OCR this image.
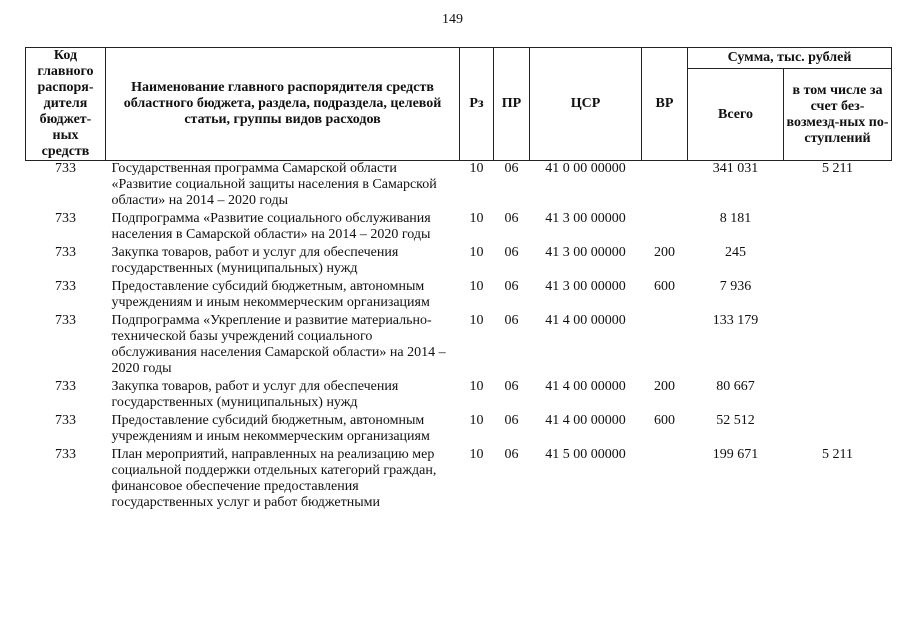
149
Код главного распоря-дителя бюджет-ных средств	Наименование главного распорядителя средств областного бюджета, раздела, подраздела, целевой статьи, группы видов расходов	Рз	ПР	ЦСР	ВР	Сумма, тыс. рублей	
						Всего	в том числе за счет без-возмезд-ных по-ступлений
733	Государственная программа Самарской области «Развитие социальной защиты населения в Самарской области» на 2014 – 2020 годы	10	06	41 0 00 00000		341 031	5 211
733	Подпрограмма «Развитие социального обслуживания населения в Самарской области» на 2014 – 2020 годы	10	06	41 3 00 00000		8 181	
733	Закупка товаров, работ и услуг для обеспечения государственных (муниципальных) нужд	10	06	41 3 00 00000	200	245	
733	Предоставление субсидий бюджетным, автономным учреждениям и иным некоммерческим организациям	10	06	41 3 00 00000	600	7 936	
733	Подпрограмма «Укрепление и развитие материально-технической базы учреждений социального обслуживания населения Самарской области» на 2014 – 2020 годы	10	06	41 4 00 00000		133 179	
733	Закупка товаров, работ и услуг для обеспечения государственных (муниципальных) нужд	10	06	41 4 00 00000	200	80 667	
733	Предоставление субсидий бюджетным, автономным учреждениям и иным некоммерческим организациям	10	06	41 4 00 00000	600	52 512	
733	План мероприятий, направленных на реализацию мер социальной поддержки отдельных категорий граждан, финансовое обеспечение предоставления государственных услуг и работ бюджетными	10	06	41 5 00 00000		199 671	5 211
